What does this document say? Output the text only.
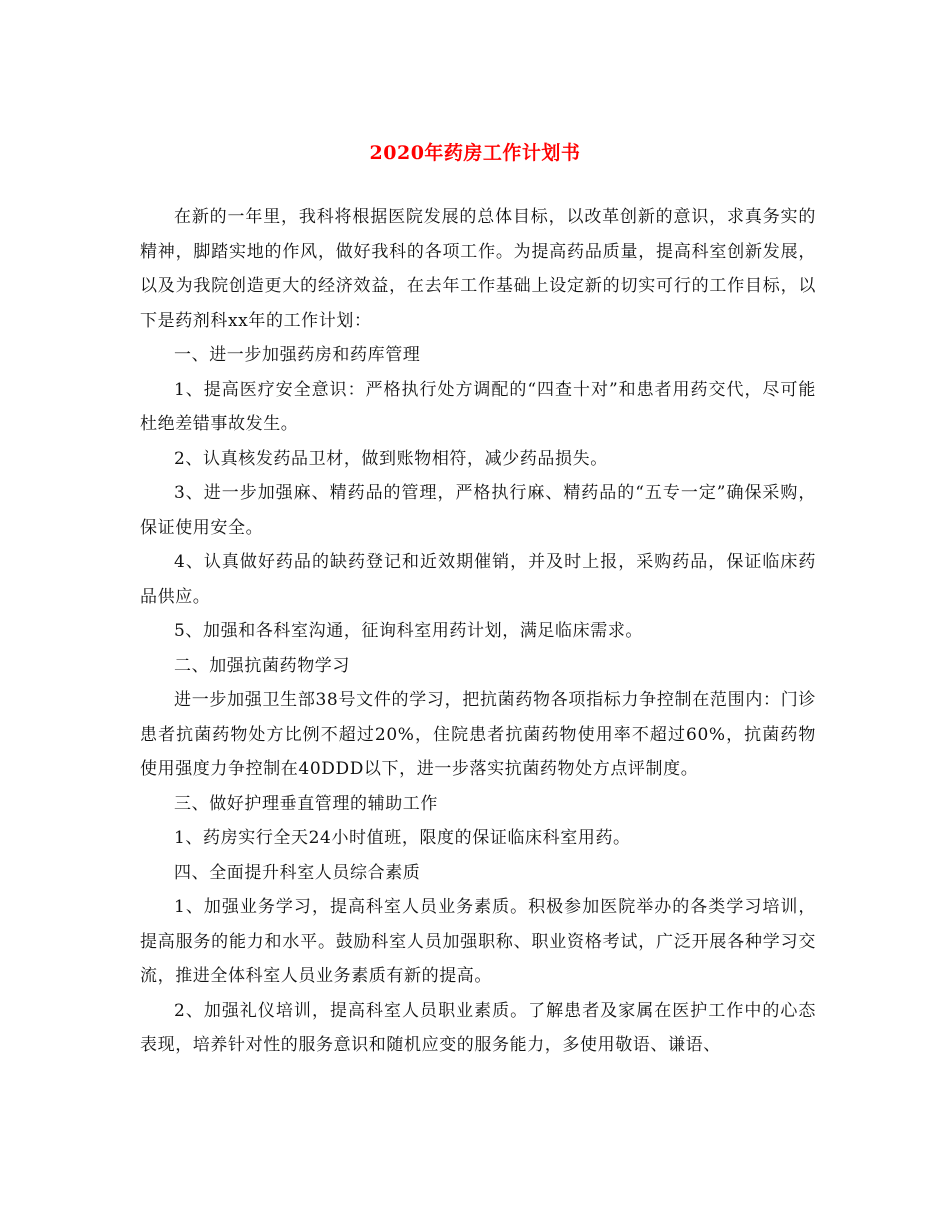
2020年药房工作计划书

在新的一年里，我科将根据医院发展的总体目标，以改革创新的意识，求真务实的精神，脚踏实地的作风，做好我科的各项工作。为提高药品质量，提高科室创新发展，以及为我院创造更大的经济效益，在去年工作基础上设定新的切实可行的工作目标，以下是药剂科xx年的工作计划：

一、进一步加强药房和药库管理

1、提高医疗安全意识：严格执行处方调配的“四查十对”和患者用药交代，尽可能杜绝差错事故发生。

2、认真核发药品卫材，做到账物相符，减少药品损失。

3、进一步加强麻、精药品的管理，严格执行麻、精药品的“五专一定”确保采购，保证使用安全。

4、认真做好药品的缺药登记和近效期催销，并及时上报，采购药品，保证临床药品供应。

5、加强和各科室沟通，征询科室用药计划，满足临床需求。

二、加强抗菌药物学习

进一步加强卫生部38号文件的学习，把抗菌药物各项指标力争控制在范围内：门诊患者抗菌药物处方比例不超过20%，住院患者抗菌药物使用率不超过60%，抗菌药物使用强度力争控制在40DDD以下，进一步落实抗菌药物处方点评制度。

三、做好护理垂直管理的辅助工作

1、药房实行全天24小时值班，限度的保证临床科室用药。

四、全面提升科室人员综合素质

1、加强业务学习，提高科室人员业务素质。积极参加医院举办的各类学习培训，提高服务的能力和水平。鼓励科室人员加强职称、职业资格考试，广泛开展各种学习交流，推进全体科室人员业务素质有新的提高。

2、加强礼仪培训，提高科室人员职业素质。了解患者及家属在医护工作中的心态表现，培养针对性的服务意识和随机应变的服务能力，多使用敬语、谦语、
